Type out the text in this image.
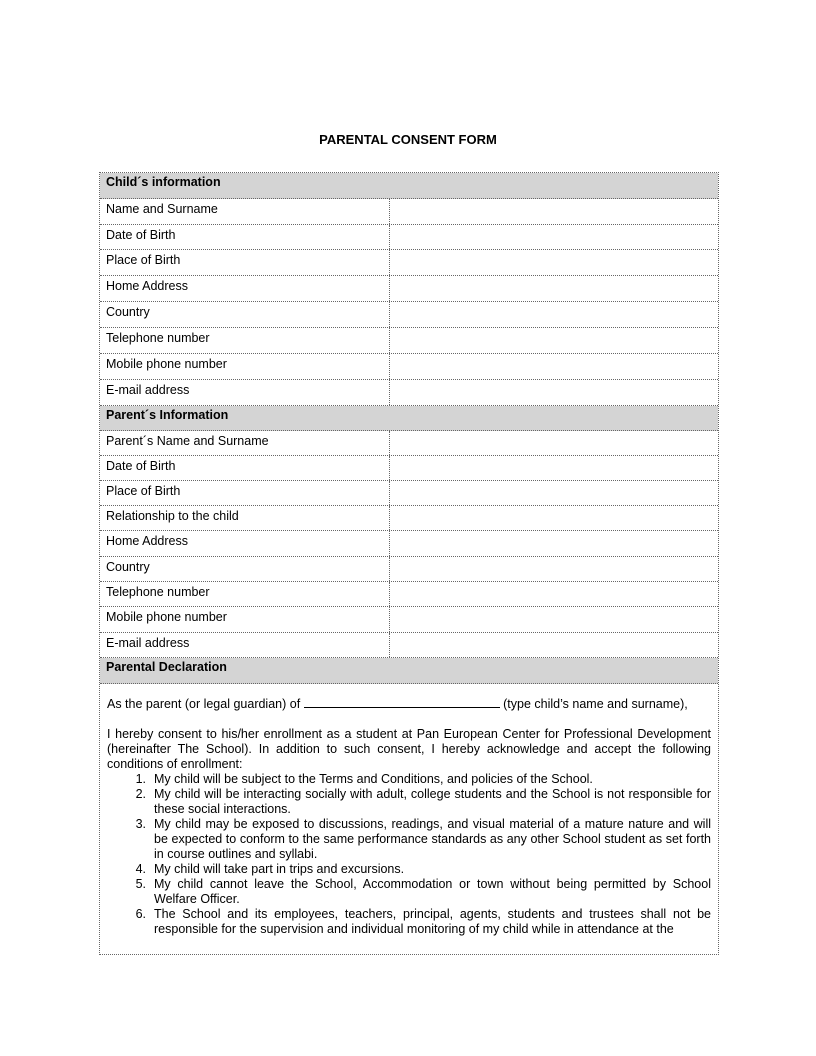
PARENTAL CONSENT FORM
Child´s information
Name and Surname
Date of Birth
Place of Birth
Home Address
Country
Telephone number
Mobile phone number
E-mail address
Parent´s Information
Parent´s Name and Surname
Date of Birth
Place of Birth
Relationship to the child
Home Address
Country
Telephone number
Mobile phone number
E-mail address
Parental Declaration

As the parent (or legal guardian) of	(type child’s name and surname),

I hereby consent to his/her enrollment as a student at Pan European Center for Professional Development (hereinafter The School). In addition to such consent, I hereby acknowledge and accept the following conditions of enrollment:

1. My child will be subject to the Terms and Conditions, and policies of the School.
2. My child will be interacting socially with adult, college students and the School is not responsible for these social interactions.
3. My child may be exposed to discussions, readings, and visual material of a mature nature and will be expected to conform to the same performance standards as any other School student as set forth in course outlines and syllabi.
4. My child will take part in trips and excursions.
5. My child cannot leave the School, Accommodation or town without being permitted by School Welfare Officer.
6. The School and its employees, teachers, principal, agents, students and trustees shall not be responsible for the supervision and individual monitoring of my child while in attendance at the
